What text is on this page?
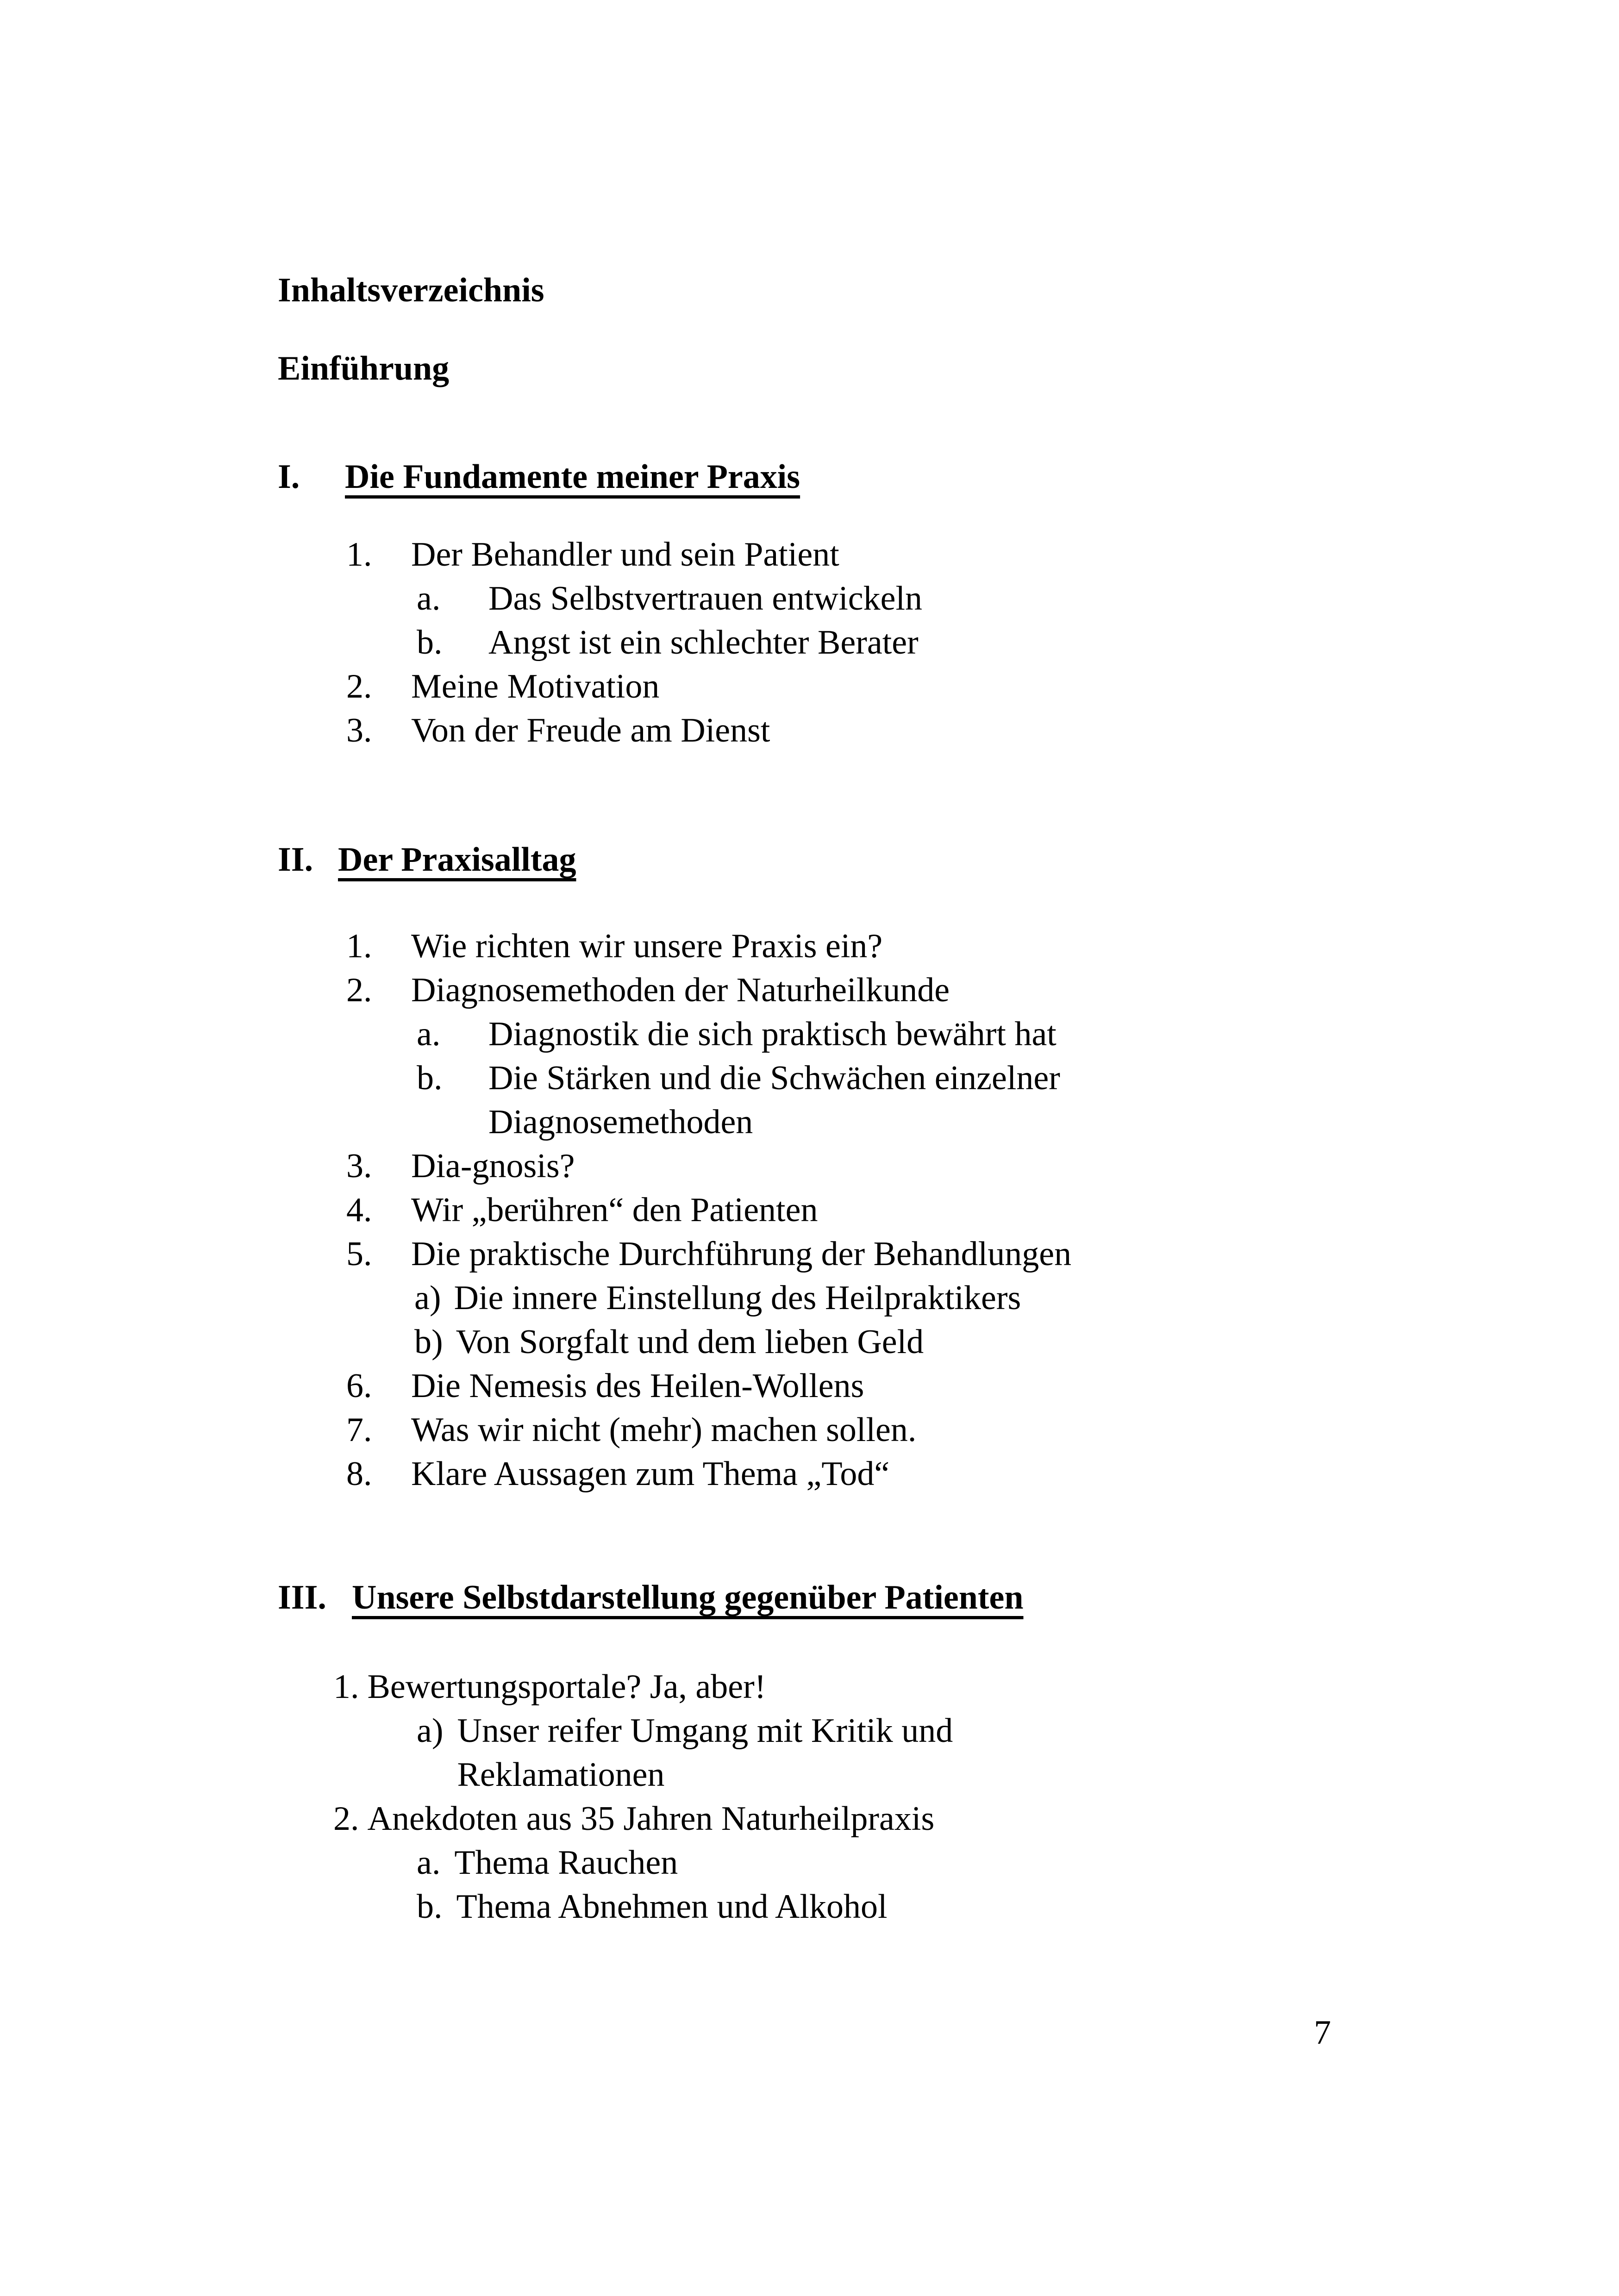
Inhaltsverzeichnis
Einführung
I. Die Fundamente meiner Praxis
1.	Der Behandler und sein Patient
a.	Das Selbstvertrauen entwickeln
b.	Angst ist ein schlechter Berater
2.	Meine Motivation
3.	Von der Freude am Dienst
II. Der Praxisalltag
1.	Wie richten wir unsere Praxis ein?
2.	Diagnosemethoden der Naturheilkunde
a.	Diagnostik die sich praktisch bewährt hat
b.	Die Stärken und die Schwächen einzelner
Diagnosemethoden
3.	Dia-gnosis?
4.	Wir „berühren“ den Patienten
5.	Die praktische Durchführung der Behandlungen
a) Die innere Einstellung des Heilpraktikers
b) Von Sorgfalt und dem lieben Geld
6.	Die Nemesis des Heilen-Wollens
7.	Was wir nicht (mehr) machen sollen.
8.	Klare Aussagen zum Thema „Tod“
III. Unsere Selbstdarstellung gegenüber Patienten
1. Bewertungsportale? Ja, aber!
a) Unser reifer Umgang mit Kritik und
Reklamationen
2. Anekdoten aus 35 Jahren Naturheilpraxis
a. Thema Rauchen
b. Thema Abnehmen und Alkohol
7
